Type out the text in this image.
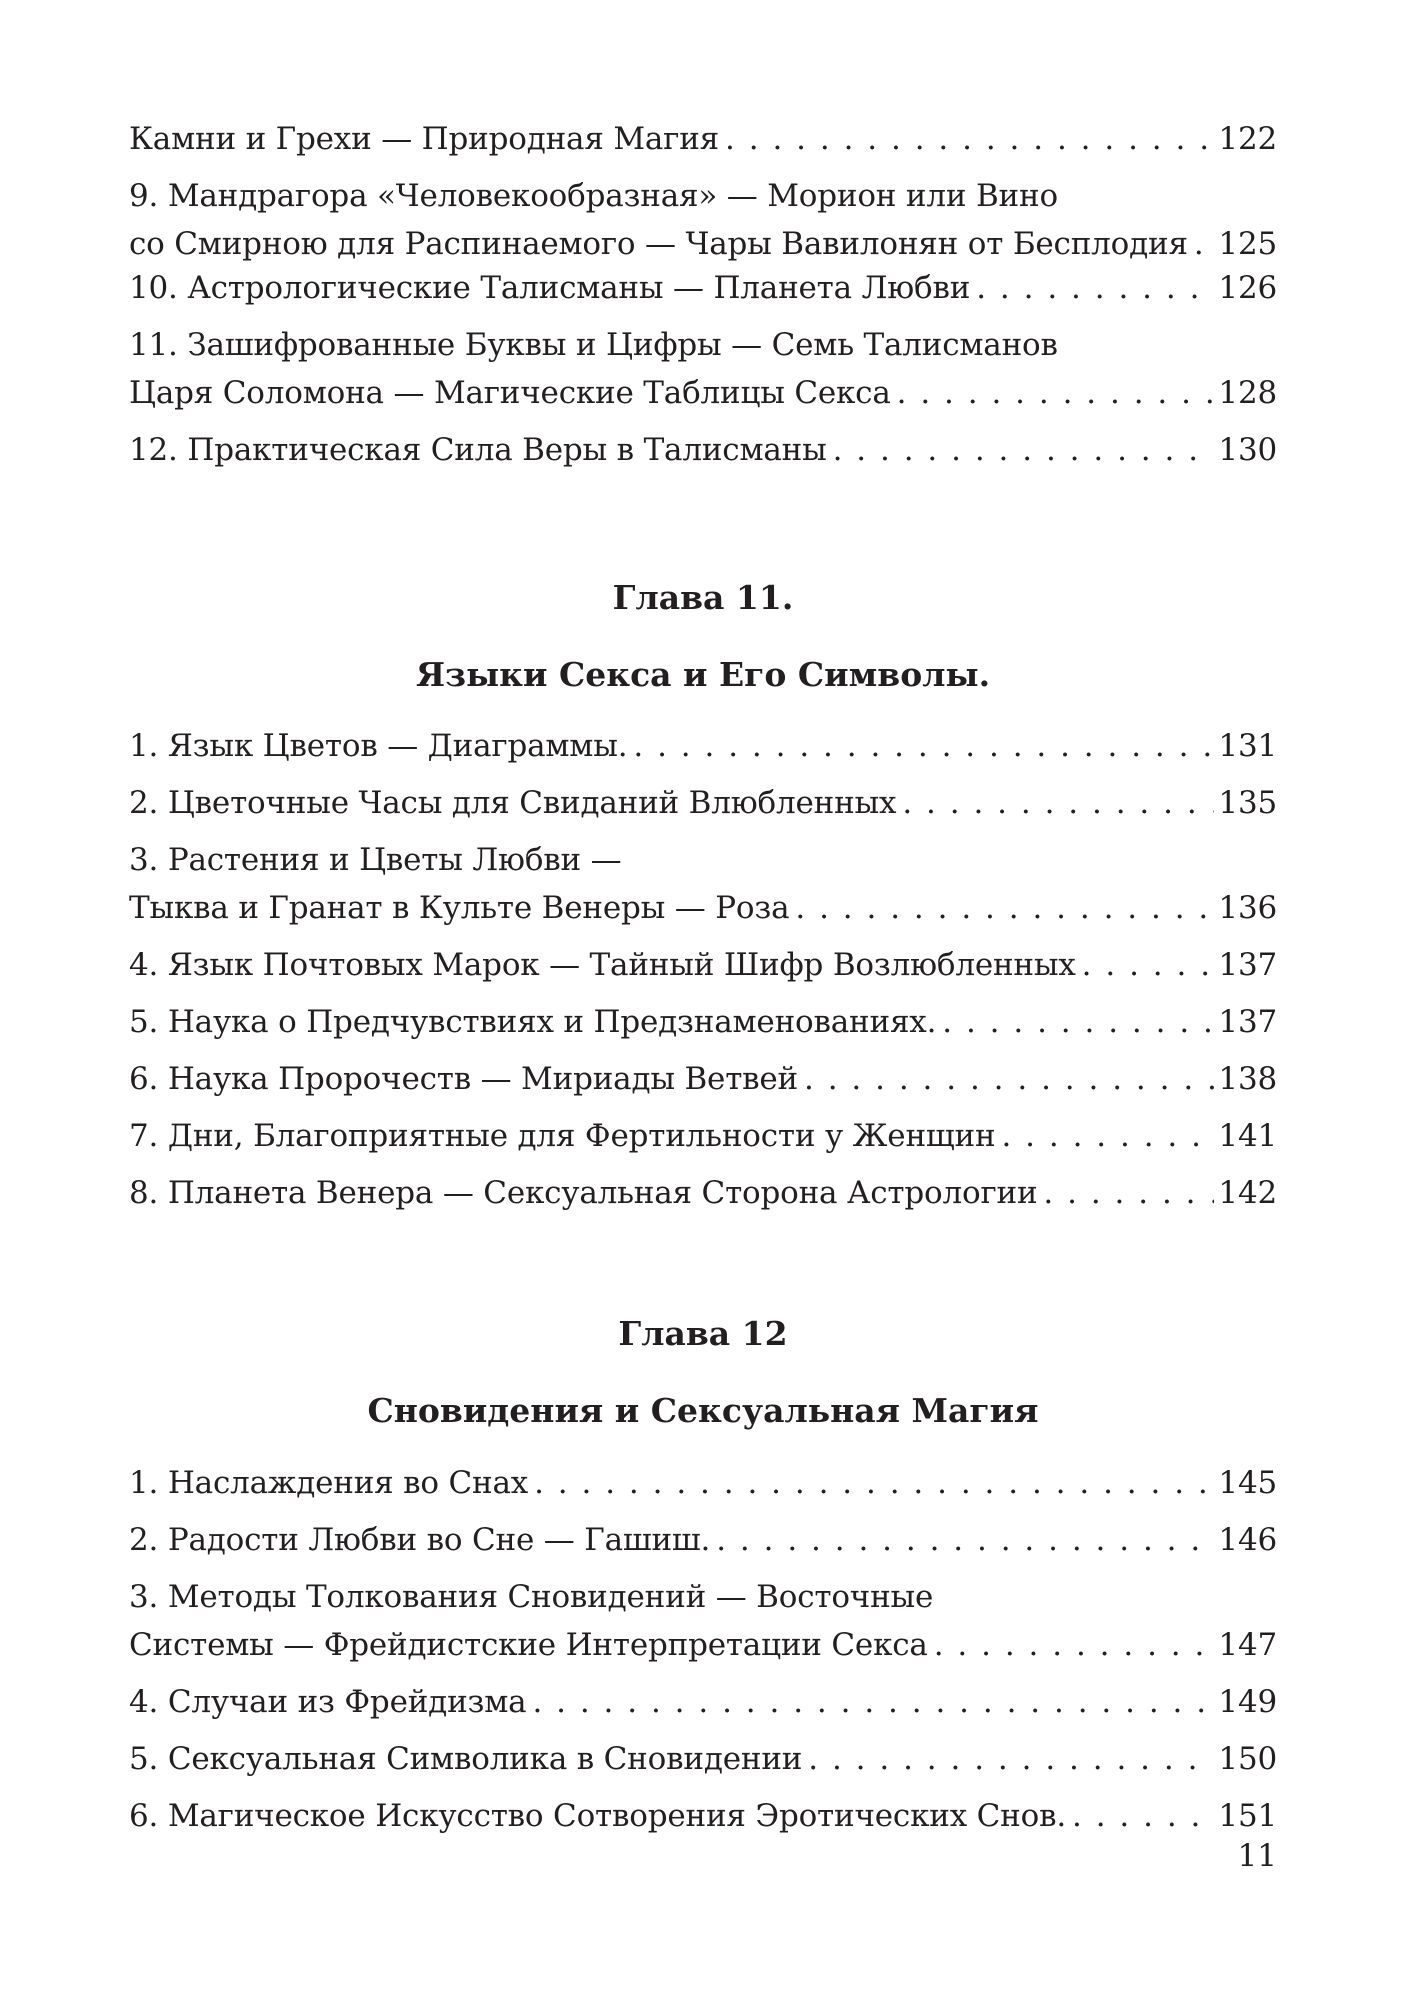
Камни и Грехи — Природная Магия . . .	122
9. Мандрагора «Человекообразная» — Морион или Вино
со Смирною для Распинаемого — Чары Вавилонян от Бесплодия . . . 125
10. Астрологические Талисманы — Планета Любви . . .	126
11. Зашифрованные Буквы и Цифры — Семь Талисманов
Царя Соломона — Магические Таблицы Секса . . .	128
12. Практическая Сила Веры в Талисманы . . .	130
Глава 11.
Языки Секса и Его Символы.
1. Язык Цветов — Диаграммы. . . .	131
2. Цветочные Часы для Свиданий Влюбленных . . .	135
3. Растения и Цветы Любви —
Тыква и Гранат в Культе Венеры — Роза . . .	136
4. Язык Почтовых Марок — Тайный Шифр Возлюбленных . . .	137
5. Наука о Предчувствиях и Предзнаменованиях. . . .	137
6. Наука Пророчеств — Мириады Ветвей . . .	138
7. Дни, Благоприятные для Фертильности у Женщин . . .	141
8. Планета Венера — Сексуальная Сторона Астрологии . . .	142
Глава 12
Сновидения и Сексуальная Магия
1. Наслаждения во Снах . . .	145
2. Радости Любви во Сне — Гашиш. . . .	146
3. Методы Толкования Сновидений — Восточные
Системы — Фрейдистские Интерпретации Секса . . .	147
4. Случаи из Фрейдизма . . .	149
5. Сексуальная Символика в Сновидении . . .	150
6. Магическое Искусство Сотворения Эротических Снов. . . .	151
11
